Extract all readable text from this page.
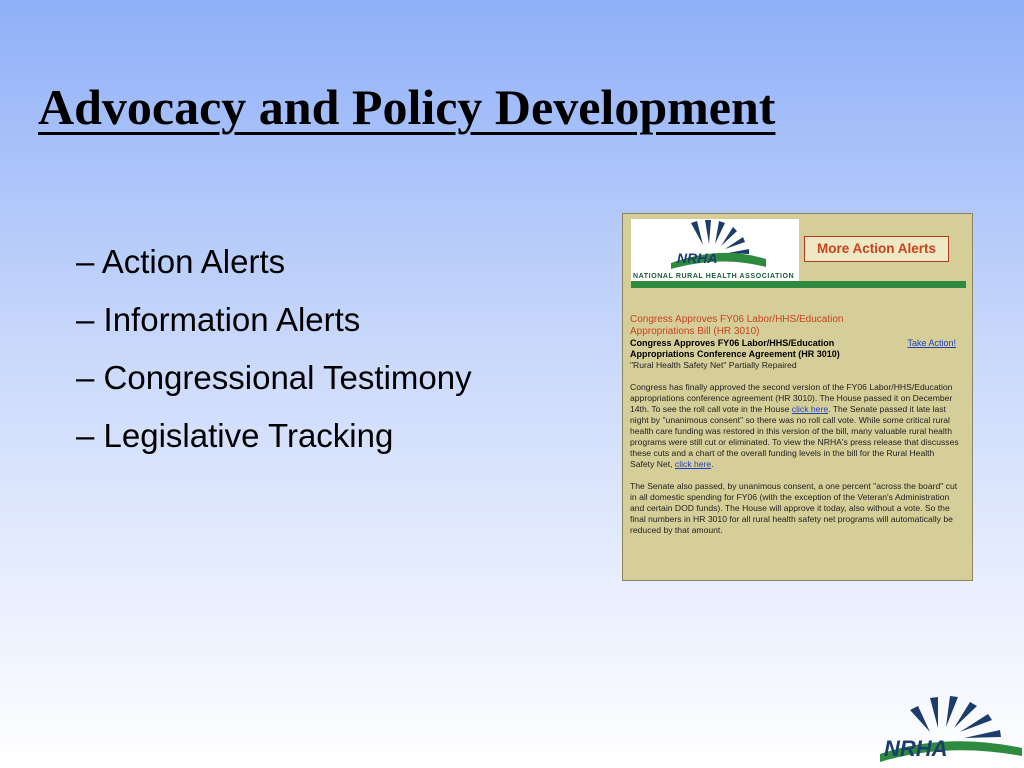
Advocacy and Policy Development
– Action Alerts
– Information Alerts
– Congressional Testimony
– Legislative Tracking
NRHA
NATIONAL RURAL HEALTH ASSOCIATION
More Action Alerts
Congress Approves FY06 Labor/HHS/Education Appropriations Bill (HR 3010)
Congress Approves FY06 Labor/HHS/Education Appropriations Conference Agreement (HR 3010)
Take Action!

"Rural Health Safety Net" Partially Repaired

Congress has finally approved the second version of the FY06 Labor/HHS/Education appropriations conference agreement (HR 3010). The House passed it on December 14th. To see the roll call vote in the House click here. The Senate passed it late last night by "unanimous consent" so there was no roll call vote. While some critical rural health care funding was restored in this version of the bill, many valuable rural health programs were still cut or eliminated. To view the NRHA's press release that discusses these cuts and a chart of the overall funding levels in the bill for the Rural Health Safety Net, click here.

The Senate also passed, by unanimous consent, a one percent "across the board" cut in all domestic spending for FY06 (with the exception of the Veteran's Administration and certain DOD funds). The House will approve it today, also without a vote. So the final numbers in HR 3010 for all rural health safety net programs will automatically be reduced by that amount.

NRHA
